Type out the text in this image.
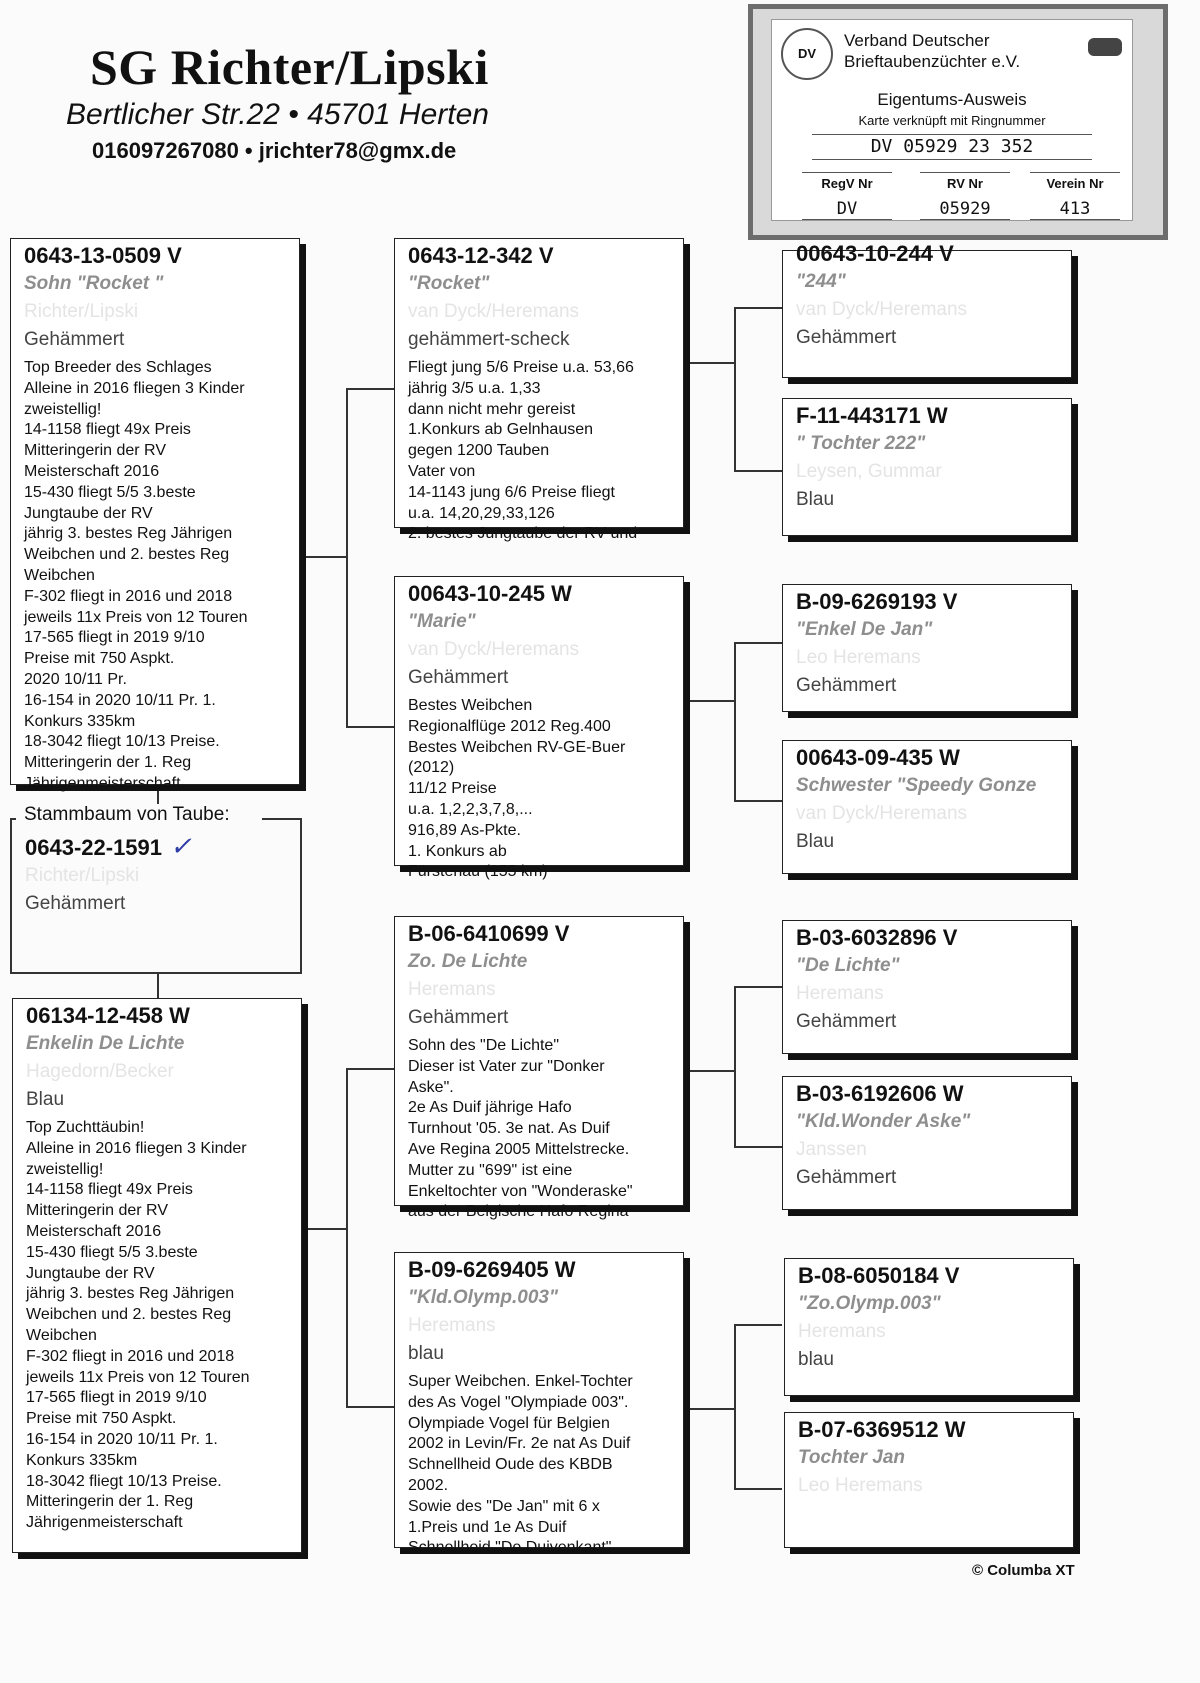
SG Richter/Lipski
Bertlicher Str.22 • 45701 Herten
016097267080 • jrichter78@gmx.de
DV
Verband Deutscher Brieftaubenzüchter e.V.
Eigentums-Ausweis
Karte verknüpft mit Ringnummer
DV 05929 23 352
RegV Nr
DV
RV Nr
05929
Verein Nr
413
0643-13-0509 V
Sohn "Rocket "
Richter/Lipski
Gehämmert
Top Breeder des Schlages
Alleine in 2016 fliegen 3 Kinder
zweistellig!
14-1158 fliegt 49x Preis
Mitteringerin der RV
Meisterschaft 2016
15-430 fliegt 5/5 3.beste
Jungtaube der RV
jährig 3. bestes Reg Jährigen
Weibchen und 2. bestes Reg
Weibchen
F-302 fliegt in 2016 und 2018
jeweils 11x Preis von 12 Touren
17-565 fliegt in 2019 9/10
Preise mit 750 Aspkt.
2020 10/11 Pr.
16-154 in 2020 10/11 Pr. 1.
Konkurs 335km
18-3042 fliegt 10/13 Preise.
Mitteringerin der 1. Reg
Jährigenmeisterschaft
Stammbaum von Taube:
0643-22-1591 ✓
Richter/Lipski
Gehämmert
06134-12-458 W
Enkelin De Lichte
Hagedorn/Becker
Blau
Top Zuchttäubin!
Alleine in 2016 fliegen 3 Kinder
zweistellig!
14-1158 fliegt 49x Preis
Mitteringerin der RV
Meisterschaft 2016
15-430 fliegt 5/5 3.beste
Jungtaube der RV
jährig 3. bestes Reg Jährigen
Weibchen und 2. bestes Reg
Weibchen
F-302 fliegt in 2016 und 2018
jeweils 11x Preis von 12 Touren
17-565 fliegt in 2019 9/10
Preise mit 750 Aspkt.
16-154 in 2020 10/11 Pr. 1.
Konkurs 335km
18-3042 fliegt 10/13 Preise.
Mitteringerin der 1. Reg
Jährigenmeisterschaft
0643-12-342 V
"Rocket"
van Dyck/Heremans
gehämmert-scheck
Fliegt jung 5/6 Preise u.a. 53,66
jährig 3/5 u.a. 1,33
dann nicht mehr gereist
1.Konkurs ab Gelnhausen
gegen 1200 Tauben
Vater von
14-1143 jung 6/6 Preise fliegt
u.a. 14,20,29,33,126
2. bestes Jungtaube der RV und
00643-10-245 W
"Marie"
van Dyck/Heremans
Gehämmert
Bestes Weibchen
Regionalflüge 2012 Reg.400
Bestes Weibchen RV-GE-Buer
(2012)
11/12 Preise
u.a. 1,2,2,3,7,8,...
916,89 As-Pkte.
1. Konkurs ab
Fürstenau (155 km)
B-06-6410699 V
Zo. De Lichte
Heremans
Gehämmert
Sohn des "De Lichte"
Dieser ist Vater zur "Donker
Aske".
2e As Duif jährige Hafo
Turnhout '05. 3e nat. As Duif
Ave Regina 2005 Mittelstrecke.
Mutter zu "699" ist eine
Enkeltochter von "Wonderaske"
aus der Belgische Hafo Regina
B-09-6269405 W
"Kld.Olymp.003"
Heremans
blau
Super Weibchen. Enkel-Tochter
des As Vogel "Olympiade 003".
Olympiade Vogel für Belgien
2002 in Levin/Fr. 2e nat As Duif
Schnellheid Oude des KBDB
2002.
Sowie des "De Jan" mit 6 x
1.Preis und 1e As Duif
Schnellheid "De Duivenkant"
00643-10-244 V
"244"
van Dyck/Heremans
Gehämmert
F-11-443171 W
" Tochter 222"
Leysen, Gummar
Blau
B-09-6269193 V
"Enkel De Jan"
Leo Heremans
Gehämmert
00643-09-435 W
Schwester "Speedy Gonze
van Dyck/Heremans
Blau
B-03-6032896 V
"De Lichte"
Heremans
Gehämmert
B-03-6192606 W
"Kld.Wonder Aske"
Janssen
Gehämmert
B-08-6050184 V
"Zo.Olymp.003"
Heremans
blau
B-07-6369512 W
Tochter Jan
Leo Heremans
© Columba XT
